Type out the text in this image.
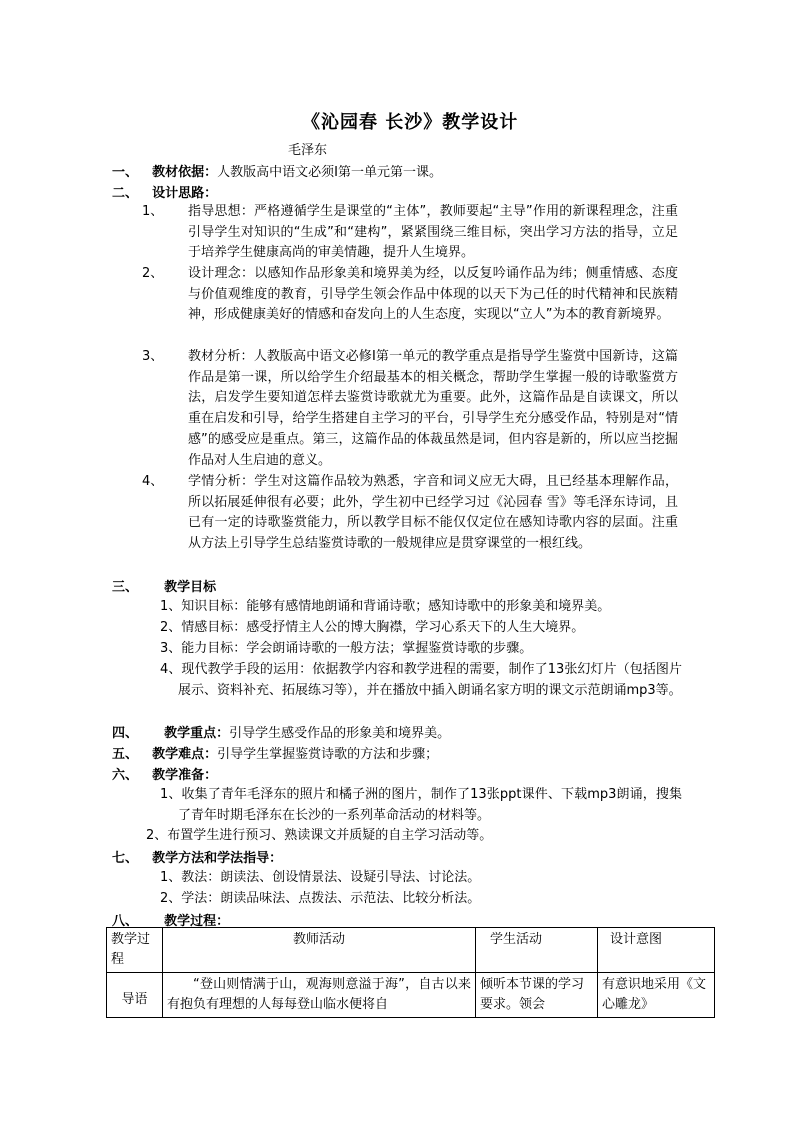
《沁园春 长沙》教学设计
毛泽东
一、 教材依据：人教版高中语文必须Ⅰ第一单元第一课。
二、 设计思路：
1、 指导思想：严格遵循学生是课堂的“主体”，教师要起“主导”作用的新课程理念，注重引导学生对知识的“生成”和“建构”，紧紧围绕三维目标，突出学习方法的指导，立足于培养学生健康高尚的审美情趣，提升人生境界。
2、 设计理念：以感知作品形象美和境界美为经，以反复吟诵作品为纬；侧重情感、态度与价值观维度的教育，引导学生领会作品中体现的以天下为己任的时代精神和民族精神，形成健康美好的情感和奋发向上的人生态度，实现以“立人”为本的教育新境界。
3、 教材分析：人教版高中语文必修Ⅰ第一单元的教学重点是指导学生鉴赏中国新诗，这篇作品是第一课，所以给学生介绍最基本的相关概念，帮助学生掌握一般的诗歌鉴赏方法，启发学生要知道怎样去鉴赏诗歌就尤为重要。此外，这篇作品是自读课文，所以重在启发和引导，给学生搭建自主学习的平台，引导学生充分感受作品，特别是对“情感”的感受应是重点。第三，这篇作品的体裁虽然是词，但内容是新的，所以应当挖掘作品对人生启迪的意义。
4、 学情分析：学生对这篇作品较为熟悉，字音和词义应无大碍，且已经基本理解作品，所以拓展延伸很有必要；此外，学生初中已经学习过《沁园春 雪》等毛泽东诗词，且已有一定的诗歌鉴赏能力，所以教学目标不能仅仅定位在感知诗歌内容的层面。注重从方法上引导学生总结鉴赏诗歌的一般规律应是贯穿课堂的一根红线。
三、 教学目标
1、知识目标：能够有感情地朗诵和背诵诗歌；感知诗歌中的形象美和境界美。
2、情感目标：感受抒情主人公的博大胸襟，学习心系天下的人生大境界。
3、能力目标：学会朗诵诗歌的一般方法；掌握鉴赏诗歌的步骤。
4、现代教学手段的运用：依据教学内容和教学进程的需要，制作了13张幻灯片（包括图片展示、资料补充、拓展练习等），并在播放中插入朗诵名家方明的课文示范朗诵mp3等。
四、 教学重点：引导学生感受作品的形象美和境界美。
五、 教学难点：引导学生掌握鉴赏诗歌的方法和步骤；
六、 教学准备：
1、收集了青年毛泽东的照片和橘子洲的图片，制作了13张ppt课件、下载mp3朗诵，搜集了青年时期毛泽东在长沙的一系列革命活动的材料等。
2、布置学生进行预习、熟读课文并质疑的自主学习活动等。
七、 教学方法和学法指导：
1、教法：朗读法、创设情景法、设疑引导法、讨论法。
2、学法：朗读品味法、点拨法、示范法、比较分析法。
八、 教学过程：
教学过程	教师活动	学生活动	设计意图
导语	“登山则情满于山，观海则意溢于海”，自古以来有抱负有理想的人每每登山临水便将自	倾听本节课的学习要求。领会	有意识地采用《文心雕龙》
